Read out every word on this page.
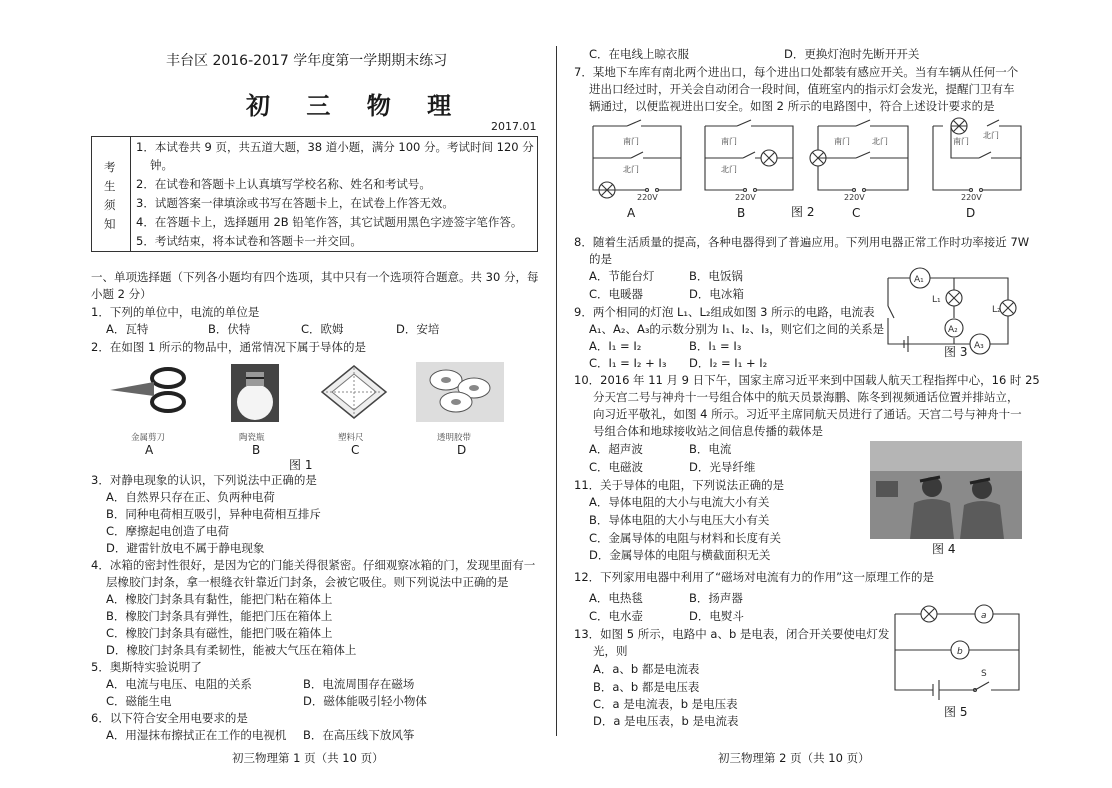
丰台区 2016-2017 学年度第一学期期末练习
初 三 物 理
2017.01

考
生
须
知
1．本试卷共 9 页，共五道大题，38 道小题，满分 100 分。考试时间 120 分
钟。
2．在试卷和答题卡上认真填写学校名称、姓名和考试号。
3．试题答案一律填涂或书写在答题卡上，在试卷上作答无效。
4．在答题卡上，选择题用 2B 铅笔作答，其它试题用黑色字迹签字笔作答。
5．考试结束，将本试卷和答题卡一并交回。
一、单项选择题（下列各小题均有四个选项，其中只有一个选项符合题意。共 30 分，每
小题 2 分）
1．下列的单位中，电流的单位是
A．瓦特	B．伏特	C．欧姆	D．安培
2．在如图 1 所示的物品中，通常情况下属于导体的是
金属剪刀	陶瓷瓶	塑料尺	透明胶带
A	B	C	D
图 1
3．对静电现象的认识，下列说法中正确的是
A．自然界只存在正、负两种电荷
B．同种电荷相互吸引，异种电荷相互排斥
C．摩擦起电创造了电荷
D．避雷针放电不属于静电现象
4．冰箱的密封性很好，是因为它的门能关得很紧密。仔细观察冰箱的门，发现里面有一
层橡胶门封条，拿一根缝衣针靠近门封条，会被它吸住。则下列说法中正确的是
A．橡胶门封条具有黏性，能把门粘在箱体上
B．橡胶门封条具有弹性，能把门压在箱体上
C．橡胶门封条具有磁性，能把门吸在箱体上
D．橡胶门封条具有柔韧性，能被大气压在箱体上
5．奥斯特实验说明了
A．电流与电压、电阻的关系	B．电流周围存在磁场
C．磁能生电	D．磁体能吸引轻小物体
6．以下符合安全用电要求的是
A．用湿抹布擦拭正在工作的电视机 B．在高压线下放风筝
初三物理第 1 页（共 10 页）
C．在电线上晾衣服	D．更换灯泡时先断开开关
7．某地下车库有南北两个进出口，每个进出口处都装有感应开关。当有车辆从任何一个
进出口经过时，开关会自动闭合一段时间，值班室内的指示灯会发光，提醒门卫有车
辆通过，以便监视进出口安全。如图 2 所示的电路图中，符合上述设计要求的是
南门
北门
220V
南门
北门
220V
南门	北门
220V
南门
北门
220V
A	B	图 2	C	D
8．随着生活质量的提高，各种电器得到了普遍应用。下列用电器正常工作时功率接近 7W
的是
A．节能台灯	B．电饭锅
C．电暖器	D．电冰箱
9．两个相同的灯泡 L₁、L₂组成如图 3 所示的电路，电流表
A₁、A₂、A₃的示数分别为 I₁、I₂、I₃，则它们之间的关系是
A．I₁ = I₂	B．I₁ = I₃
C．I₁ = I₂ + I₃ D．I₂ = I₁ + I₂
A₁
L₂
L₁
A₂
A₃
图 3
10．2016 年 11 月 9 日下午，国家主席习近平来到中国载人航天工程指挥中心，16 时 25
分天宫二号与神舟十一号组合体中的航天员景海鹏、陈冬到视频通话位置并排站立，
向习近平敬礼，如图 4 所示。习近平主席同航天员进行了通话。天宫二号与神舟十一
号组合体和地球接收站之间信息传播的载体是
A．超声波	B．电流
C．电磁波	D．光导纤维
图 4
11．关于导体的电阻，下列说法正确的是
A．导体电阻的大小与电流大小有关
B．导体电阻的大小与电压大小有关
C．金属导体的电阻与材料和长度有关
D．金属导体的电阻与横截面积无关
12．下列家用电器中利用了“磁场对电流有力的作用”这一原理工作的是
A．电热毯	B．扬声器
C．电水壶	D．电熨斗
13．如图 5 所示，电路中 a、b 是电表，闭合开关要使电灯发
光，则
A．a、b 都是电流表
B．a、b 都是电压表
C．a 是电流表，b 是电压表
D．a 是电压表，b 是电流表
a
b
S
图 5
初三物理第 2 页（共 10 页）
